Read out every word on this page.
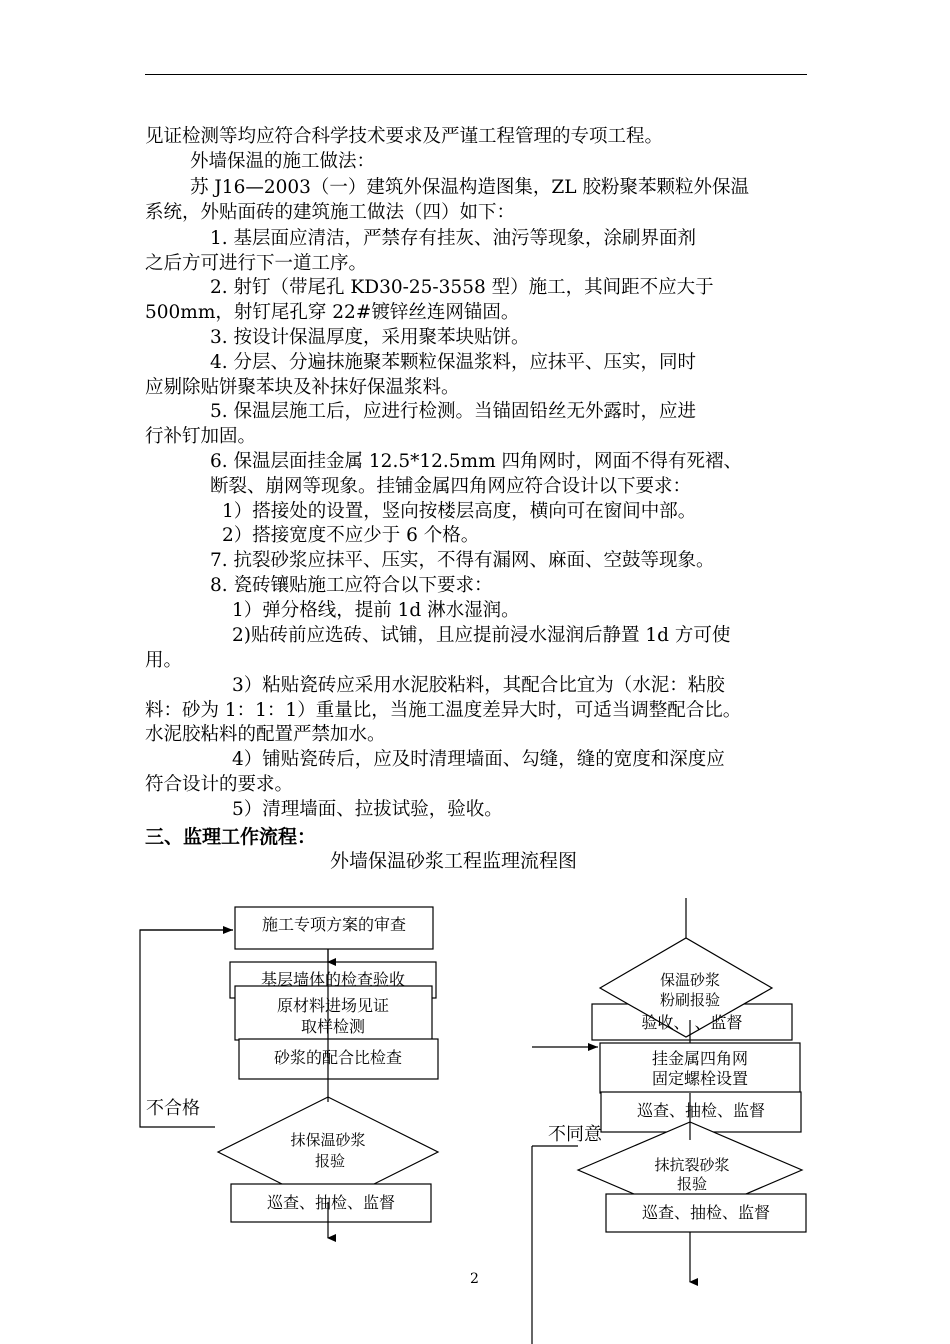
见证检测等均应符合科学技术要求及严谨工程管理的专项工程。
外墙保温的施工做法：
苏 J16—2003（一）建筑外保温构造图集，ZL 胶粉聚苯颗粒外保温
系统，外贴面砖的建筑施工做法（四）如下：
1. 基层面应清洁，严禁存有挂灰、油污等现象，涂刷界面剂
之后方可进行下一道工序。
2. 射钉（带尾孔 KD30-25-3558 型）施工，其间距不应大于
500mm，射钉尾孔穿 22#镀锌丝连网锚固。
3. 按设计保温厚度，采用聚苯块贴饼。
4. 分层、分遍抹施聚苯颗粒保温浆料，应抹平、压实，同时
应剔除贴饼聚苯块及补抹好保温浆料。
5. 保温层施工后，应进行检测。当锚固铅丝无外露时，应进
行补钉加固。
6. 保温层面挂金属 12.5*12.5mm 四角网时，网面不得有死褶、
断裂、崩网等现象。挂铺金属四角网应符合设计以下要求：
1）搭接处的设置，竖向按楼层高度，横向可在窗间中部。
2）搭接宽度不应少于 6 个格。
7. 抗裂砂浆应抹平、压实，不得有漏网、麻面、空鼓等现象。
8. 瓷砖镶贴施工应符合以下要求：
1）弹分格线，提前 1d 淋水湿润。
2)贴砖前应选砖、试铺，且应提前浸水湿润后静置 1d 方可使
用。
3）粘贴瓷砖应采用水泥胶粘料，其配合比宜为（水泥：粘胶
料：砂为 1：1：1）重量比，当施工温度差异大时，可适当调整配合比。
水泥胶粘料的配置严禁加水。
4）铺贴瓷砖后，应及时清理墙面、勾缝，缝的宽度和深度应
符合设计的要求。
5）清理墙面、拉拔试验，验收。
三、监理工作流程：
外墙保温砂浆工程监理流程图
施工专项方案的审查
基层墙体的检查验收
原材料进场见证
取样检测
砂浆的配合比检查
不合格
抹保温砂浆
报验
巡查、抽检、监督
保温砂浆
粉刷报验
验收、 、监督
挂金属四角网
固定螺栓设置
巡查、抽检、监督
不同意
抹抗裂砂浆
报验
巡查、抽检、监督
2
